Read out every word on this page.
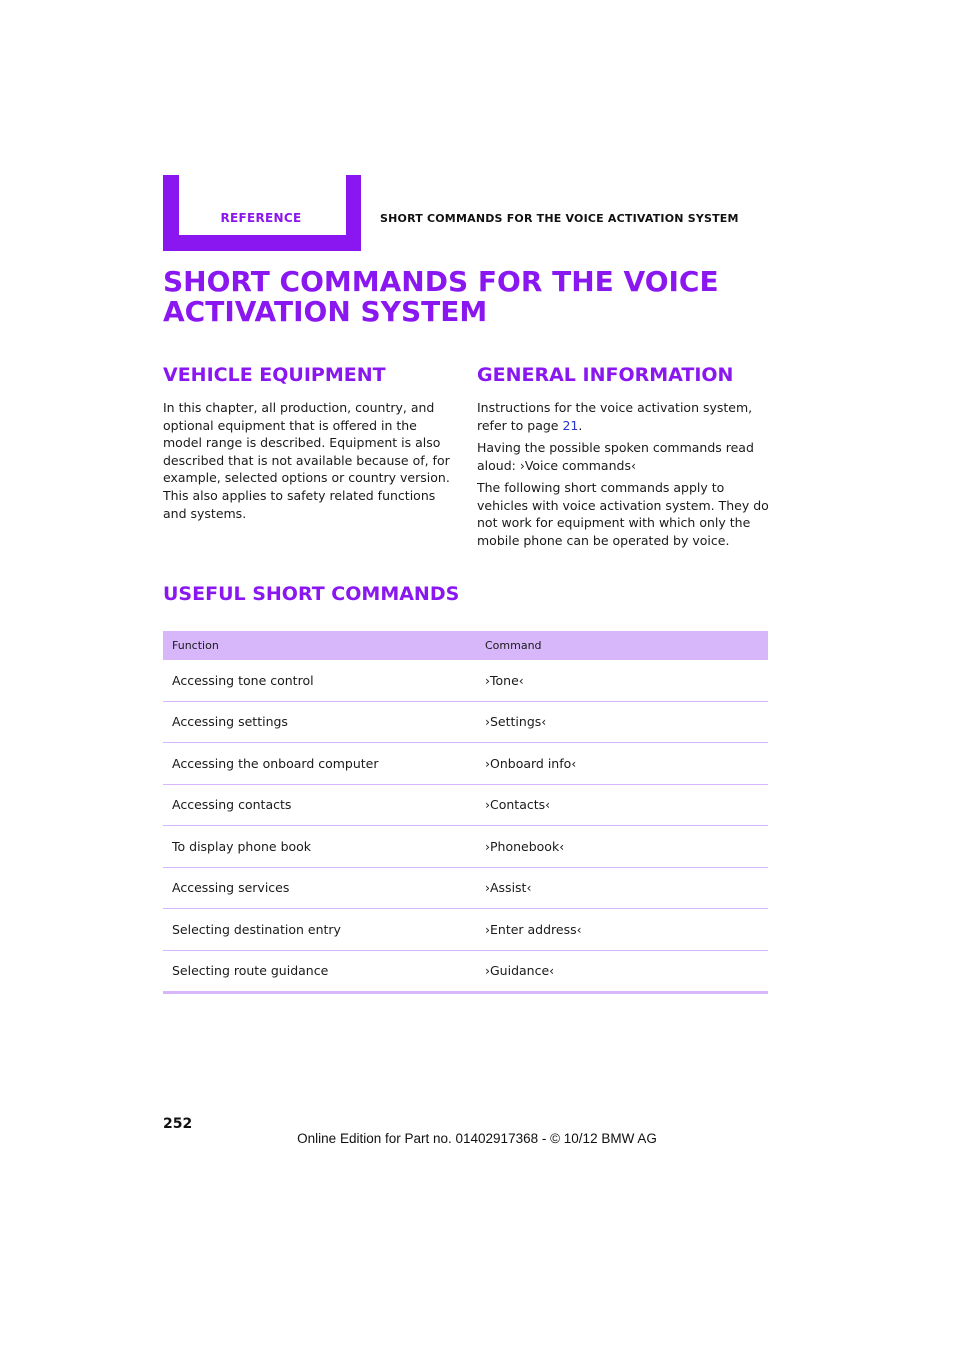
REFERENCE	SHORT COMMANDS FOR THE VOICE ACTIVATION SYSTEM
SHORT COMMANDS FOR THE VOICE ACTIVATION SYSTEM
VEHICLE EQUIPMENT

In this chapter, all production, country, and optional equipment that is offered in the model range is described. Equipment is also described that is not available because of, for example, selected options or country version. This also applies to safety related functions and systems.

GENERAL INFORMATION

Instructions for the voice activation system, refer to page 21.

Having the possible spoken commands read aloud: ›Voice commands‹

The following short commands apply to vehicles with voice activation system. They do not work for equipment with which only the mobile phone can be operated by voice.

USEFUL SHORT COMMANDS
Function	Command
Accessing tone control	›Tone‹
Accessing settings	›Settings‹
Accessing the onboard computer	›Onboard info‹
Accessing contacts	›Contacts‹
To display phone book	›Phonebook‹
Accessing services	›Assist‹
Selecting destination entry	›Enter address‹
Selecting route guidance	›Guidance‹
252
Online Edition for Part no. 01402917368 - © 10/12 BMW AG
